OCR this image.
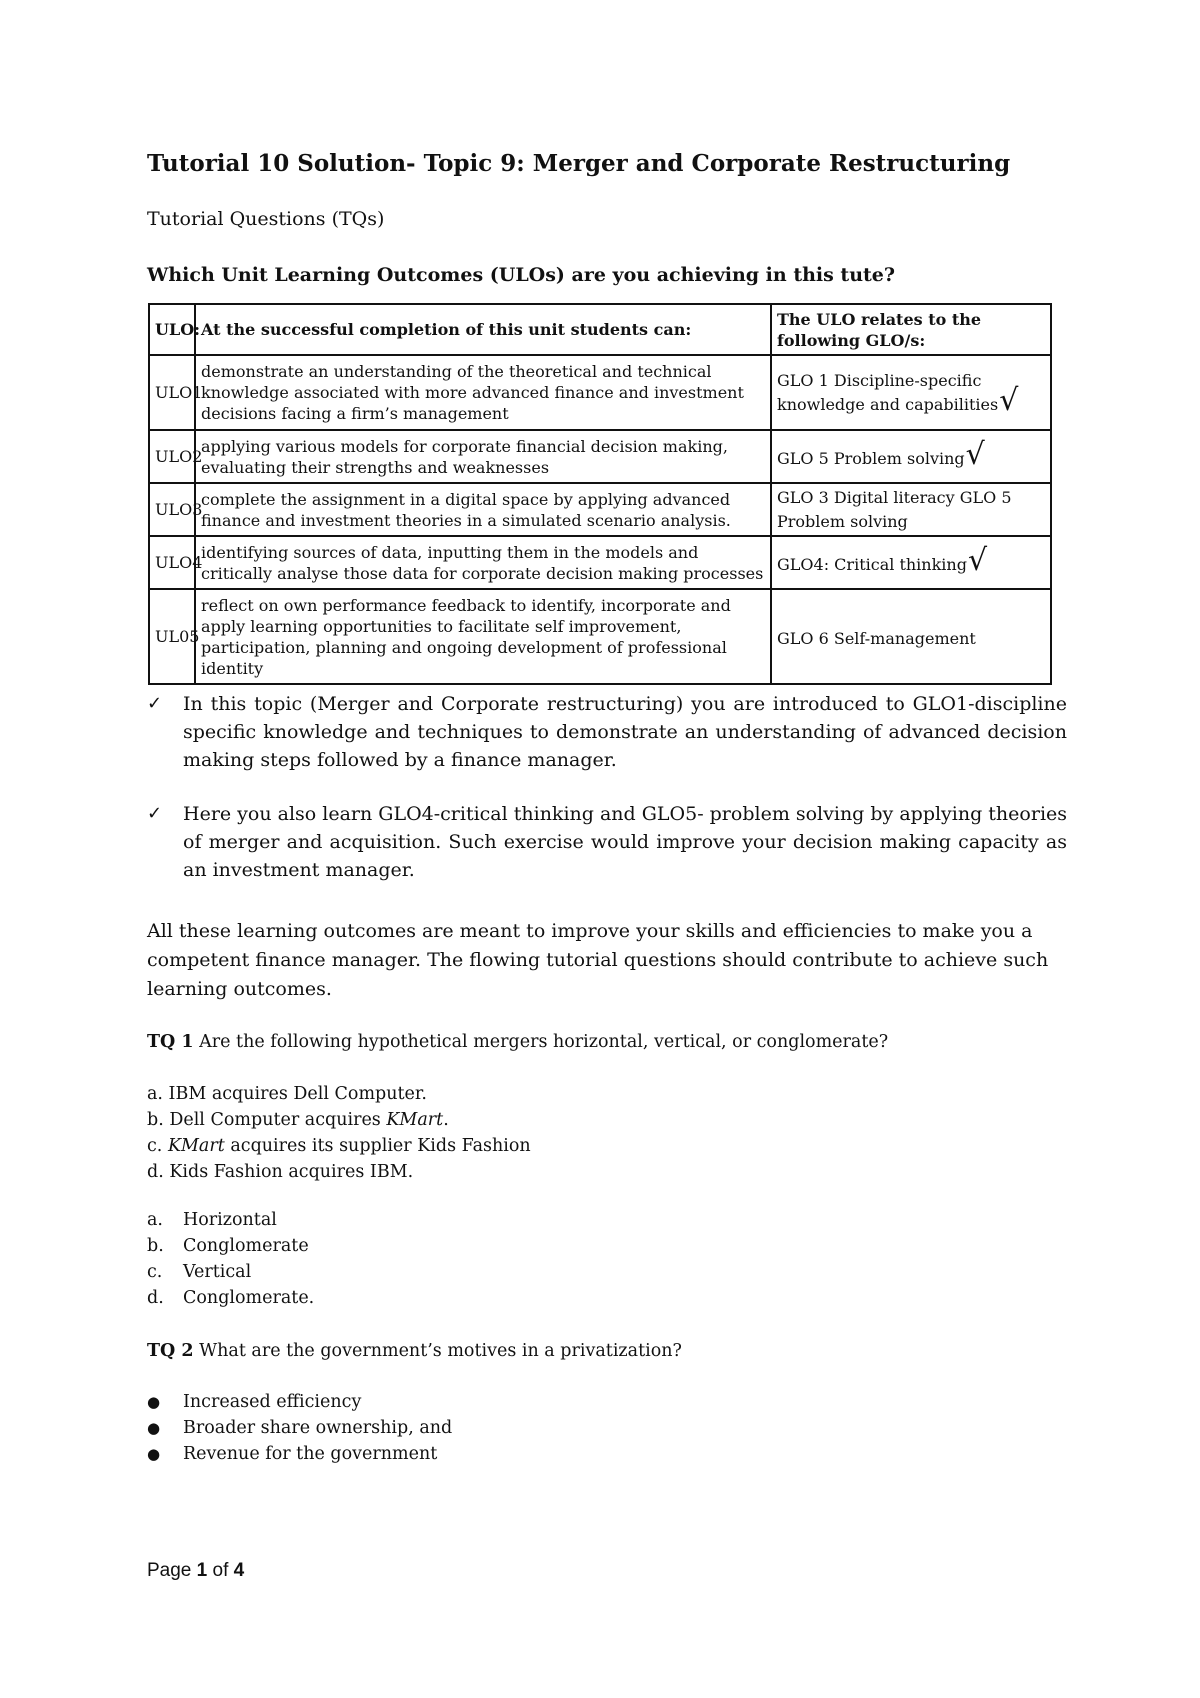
Tutorial 10 Solution- Topic 9: Merger and Corporate Restructuring
Tutorial Questions (TQs)
Which Unit Learning Outcomes (ULOs) are you achieving in this tute?
ULO:	At the successful completion of this unit students can:	The ULO relates to the following GLO/s:
ULO1	demonstrate an understanding of the theoretical and technical knowledge associated with more advanced finance and investment decisions facing a firm’s management	GLO 1 Discipline-specific knowledge and capabilities√
ULO2	applying various models for corporate financial decision making, evaluating their strengths and weaknesses	GLO 5 Problem solving√
ULO3	complete the assignment in a digital space by applying advanced finance and investment theories in a simulated scenario analysis.	GLO 3 Digital literacy GLO 5 Problem solving
ULO4	identifying sources of data, inputting them in the models and critically analyse those data for corporate decision making processes	GLO4: Critical thinking√
UL05	reflect on own performance feedback to identify, incorporate and apply learning opportunities to facilitate self improvement, participation, planning and ongoing development of professional identity	GLO 6 Self-management
✓ In this topic (Merger and Corporate restructuring) you are introduced to GLO1-discipline specific knowledge and techniques to demonstrate an understanding of advanced decision making steps followed by a finance manager.
✓ Here you also learn GLO4-critical thinking and GLO5- problem solving by applying theories of merger and acquisition. Such exercise would improve your decision making capacity as an investment manager.
All these learning outcomes are meant to improve your skills and efficiencies to make you a competent finance manager. The flowing tutorial questions should contribute to achieve such learning outcomes.
TQ 1 Are the following hypothetical mergers horizontal, vertical, or conglomerate?
a. IBM acquires Dell Computer.
b. Dell Computer acquires KMart.
c. KMart acquires its supplier Kids Fashion
d. Kids Fashion acquires IBM.
a. Horizontal
b. Conglomerate
c. Vertical
d. Conglomerate.
TQ 2 What are the government’s motives in a privatization?
● Increased efficiency
● Broader share ownership, and
● Revenue for the government
Page 1 of 4
